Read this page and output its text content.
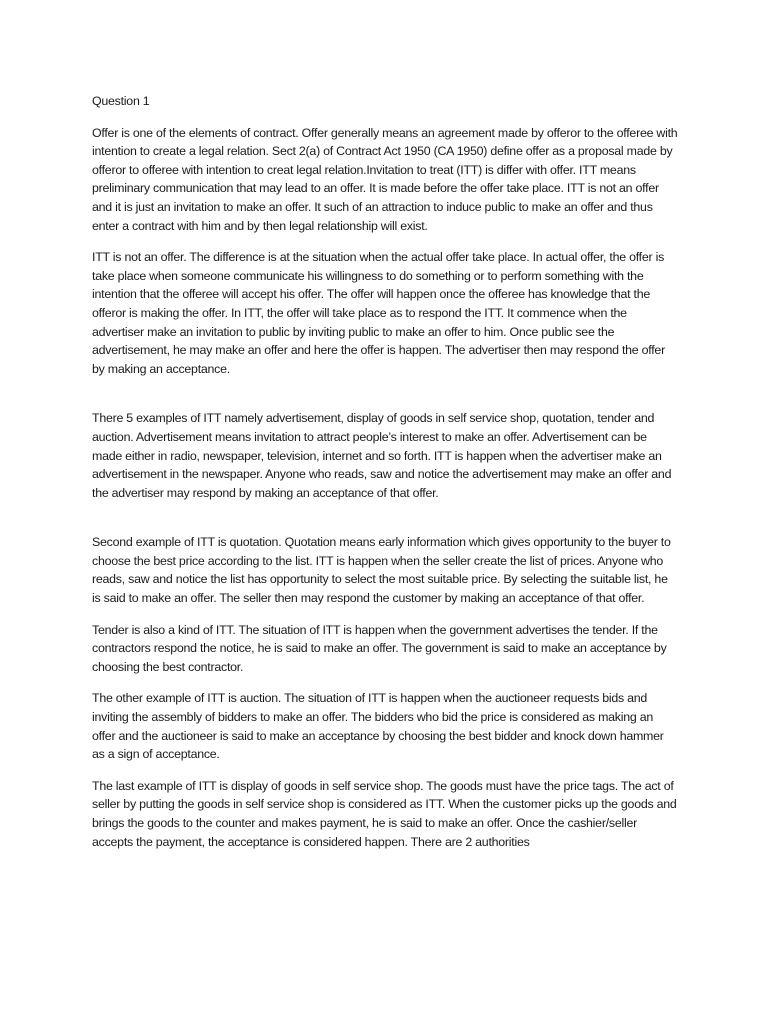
Question 1

Offer is one of the elements of contract. Offer generally means an agreement made by offeror to the offeree with intention to create a legal relation. Sect 2(a) of Contract Act 1950 (CA 1950) define offer as a proposal made by offeror to offeree with intention to creat legal relation.Invitation to treat (ITT) is differ with offer. ITT means preliminary communication that may lead to an offer. It is made before the offer take place. ITT is not an offer and it is just an invitation to make an offer. It such of an attraction to induce public to make an offer and thus enter a contract with him and by then legal relationship will exist.

ITT is not an offer. The difference is at the situation when the actual offer take place. In actual offer, the offer is take place when someone communicate his willingness to do something or to perform something with the intention that the offeree will accept his offer. The offer will happen once the offeree has knowledge that the offeror is making the offer. In ITT, the offer will take place as to respond the ITT. It commence when the advertiser make an invitation to public by inviting public to make an offer to him. Once public see the advertisement, he may make an offer and here the offer is happen. The advertiser then may respond the offer by making an acceptance.

There 5 examples of ITT namely advertisement, display of goods in self service shop, quotation, tender and auction. Advertisement means invitation to attract people’s interest to make an offer. Advertisement can be made either in radio, newspaper, television, internet and so forth. ITT is happen when the advertiser make an advertisement in the newspaper. Anyone who reads, saw and notice the advertisement may make an offer and the advertiser may respond by making an acceptance of that offer.

Second example of ITT is quotation. Quotation means early information which gives opportunity to the buyer to choose the best price according to the list. ITT is happen when the seller create the list of prices. Anyone who reads, saw and notice the list has opportunity to select the most suitable price. By selecting the suitable list, he is said to make an offer. The seller then may respond the customer by making an acceptance of that offer.

Tender is also a kind of ITT. The situation of ITT is happen when the government advertises the tender. If the contractors respond the notice, he is said to make an offer. The government is said to make an acceptance by choosing the best contractor.

The other example of ITT is auction. The situation of ITT is happen when the auctioneer requests bids and inviting the assembly of bidders to make an offer. The bidders who bid the price is considered as making an offer and the auctioneer is said to make an acceptance by choosing the best bidder and knock down hammer as a sign of acceptance.

The last example of ITT is display of goods in self service shop. The goods must have the price tags. The act of seller by putting the goods in self service shop is considered as ITT. When the customer picks up the goods and brings the goods to the counter and makes payment, he is said to make an offer. Once the cashier/seller accepts the payment, the acceptance is considered happen. There are 2 authorities
